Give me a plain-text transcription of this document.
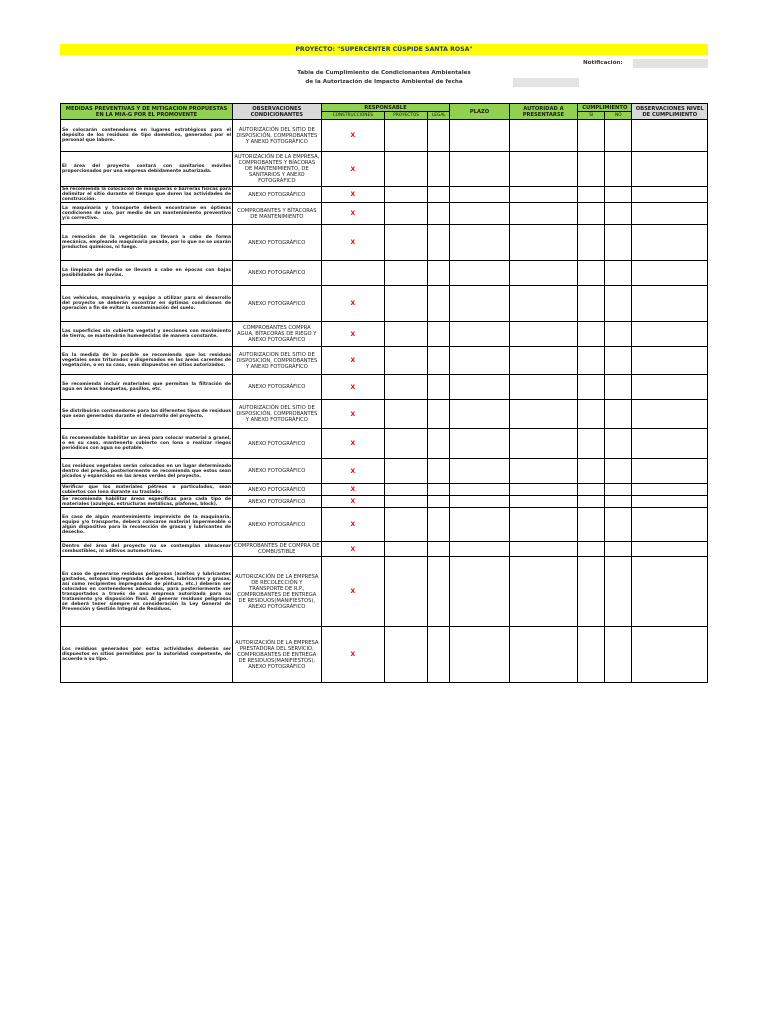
PROYECTO: "SUPERCENTER CÚSPIDE SANTA ROSA"
Notificación:
Tabla de Cumplimiento de Condicionantes Ambientales
de la Autorización de Impacto Ambiental de fecha
MEDIDAS PREVENTIVAS Y DE MITIGACION PROPUESTAS EN LA MIA-G POR EL PROMOVENTE	OBSERVACIONES CONDICIONANTES	RESPONSABLE			PLAZO	AUTORIDAD A PRESENTARSE	CUMPLIMIENTO		OBSERVACIONES NIVEL DE CUMPLIMIENTO
		CONSTRUCCIONES	PROYECTOS	LEGAL			SI	NO	
Se colocarán contenedores en lugares estratégicos para el depósito de los residuos de tipo doméstico, generados por el personal que labore.	AUTORIZACIÓN DEL SITIO DE DISPOSICIÓN, COMPROBANTES Y ANEXO FOTOGRÁFICO	X							
El área del proyecto contará con sanitarios móviles proporcionados por una empresa debidamente autorizada.	AUTORIZACIÓN DE LA EMPRESA, COMPROBANTES Y BÍACORAS DE MANTENIMIENTO, DE SANITARIOS Y ANEXO FOTOGRÁFICO	X							
Se recomienda la colocación de mangueras o barreras físicas para delimitar el sitio durante el tiempo que duren las actividades de construcción.	ANEXO FOTOGRÁFICO	X							
La maquinaria y transporte deberá encontrarse en óptimas condiciones de uso, por medio de un mantenimiento preventivo y/o correctivo.	COMPROBANTES Y BÍTACORAS DE MANTENIMIENTO	X							
La remoción de la vegetación se llevará a cabo de forma mecánica, empleando maquinaria pesada, por lo que no se usarán productos químicos, ni fuego.	ANEXO FOTOGRÁFICO	X							
La limpieza del predio se llevará a cabo en épocas con bajas posibilidades de lluvias.	ANEXO FOTOGRÁFICO								
Los vehículos, maquinaria y equipo a utilizar para el desarrollo del proyecto se deberán encontrar en óptimas condiciones de operación a fin de evitar la contaminación del suelo.	ANEXO FOTOGRÁFICO	X							
Las superficies sin cubierta vegetal y secciones con movimiento de tierra, se mantendrán humedecidas de manera constante.	COMPROBANTES COMPRA AGUA, BÍTACORAS DE RIEGO Y ANEXO FOTOGRÁFICO	X							
En la medida de lo posible se recomienda que los residuos vegetales sean triturados y dispersados en las áreas carentes de vegetación, o en su caso, sean dispuestos en sitios autorizados.	AUTORIZACION DEL SITIO DE DISPOSICION, COMPROBANTES Y ANEXO FOTOGRÁFICO	X							
Se recomienda incluir materiales que permitan la filtración de agua en áreas banquetas, pasillos, etc.	ANEXO FOTOGRÁFICO	X							
Se distribuirán contenedores para los diferentes tipos de residuos que sean generados durante el desarrollo del proyecto.	AUTORIZACIÓN DEL SITIO DE DISPOSICIÓN, COMPROBANTES Y ANEXO FOTOGRÁFICO	X							
Es recomendable habilitar un área para colocar material a granel, o en su caso, mantenerlo cubierto con lona o realizar riegos periódicos con agua no potable.	ANEXO FOTOGRÁFICO	X							
Los residuos vegetales serán colocados en un lugar determinado dentro del predio, posteriormente se recomienda que estos sean picados y esparcidos en las áreas verdes del proyecto.	ANEXO FOTOGRÁFICO	X							
Verificar que los materiales pétreos o particulados, sean cubiertos con lona durante su traslado.	ANEXO FOTOGRÁFICO	X							
Se recomienda habilitar áreas específicas para cada tipo de materiales (azulejos, estructuras metálicas, plafones, block).	ANEXO FOTOGRÁFICO	X							
En caso de algún mantenimiento imprevisto de la maquinaria, equipo y/o transporte, deberá colocarse material impermeable o algún dispositivo para la recolección de grasas y lubricantes de desecho.	ANEXO FOTOGRÁFICO	X							
Dentro del área del proyecto no se contemplan almacenar combustibles, ni aditivos automotrices.	COMPROBANTES DE COMPRA DE COMBUSTIBLE	X							
En caso de generarse residuos peligrosos (aceites y lubricantes gastados, estopas impregnadas de aceites, lubricantes y grasas, así como recipientes impregnados de pintura, etc.) deberán ser colocados en contenedores adecuados, para posteriormente ser transportados a través de una empresa autorizada para su tratamiento y/o disposición final. Al generar residuos peligrosos se deberá tener siempre en consideración la Ley General de Prevención y Gestión Integral de Residuos.	AUTORIZACIÓN DE LA EMPRESA DE RECOLECCIÓN Y TRANSPORTE DE R.P., COMPROBANTES DE ENTREGA DE RESIDUOS(MANIFIESTOS), ANEXO FOTOGRÁFICO	X							
Los residuos generados por estas actividades deberán ser dispuestos en sitios permitidos por la autoridad competente, de acuerdo a su tipo.	AUTORIZACIÓN DE LA EMPRESA PRESTADORA DEL SERVICIO, COMPROBANTES DE ENTREGA DE RESIDUOS(MANIFIESTOS), ANEXO FOTOGRÁFICO	X							
